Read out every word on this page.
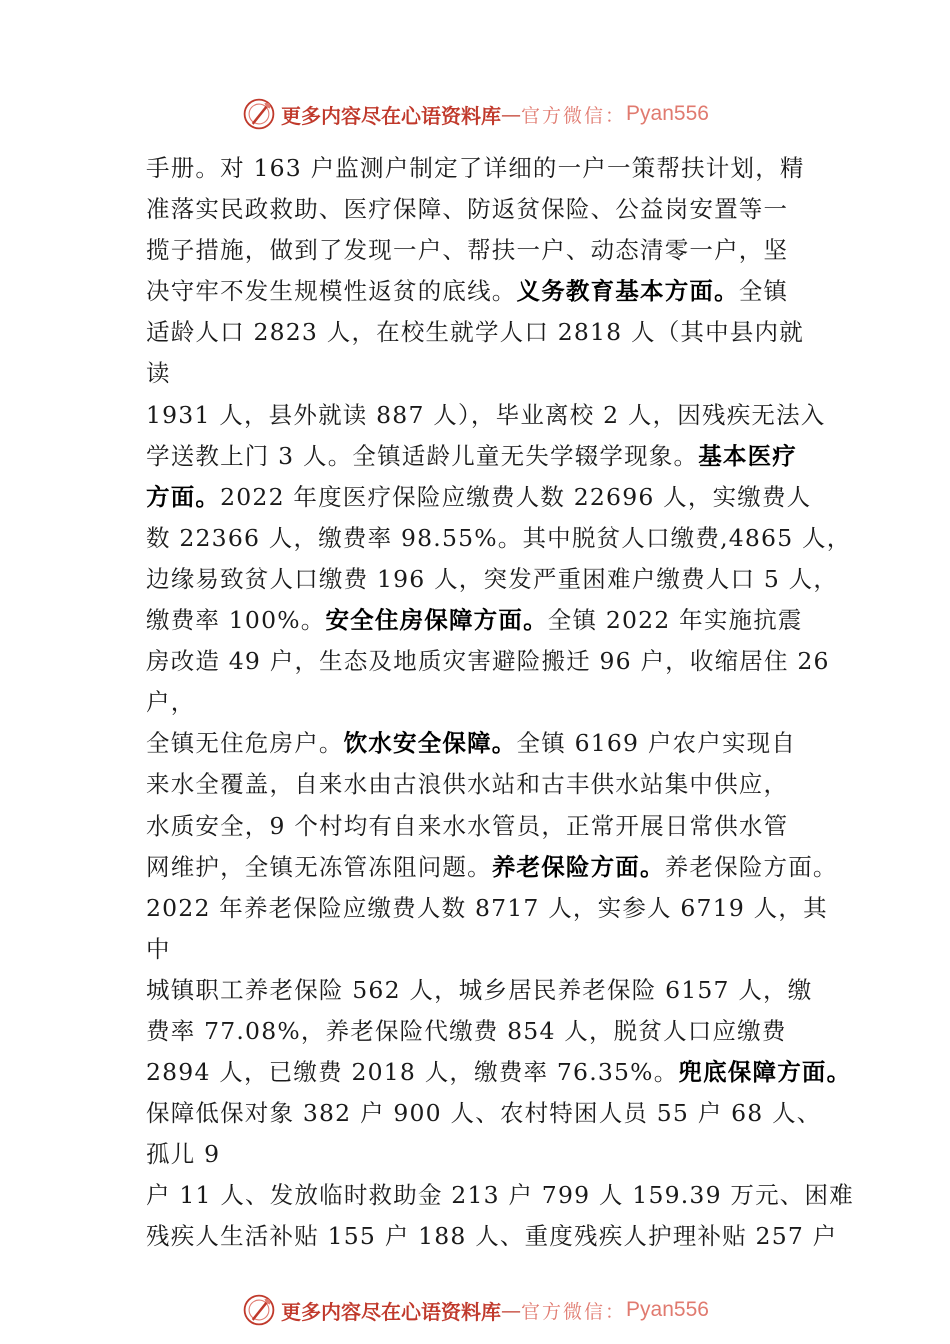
更多内容尽在心语资料库 — 官方微信： Pyan556
手册。对 163 户监测户制定了详细的一户一策帮扶计划，精
准落实民政救助、医疗保障、防返贫保险、公益岗安置等一
揽子措施，做到了发现一户、帮扶一户、动态清零一户，坚
决守牢不发生规模性返贫的底线。义务教育基本方面。全镇
适龄人口 2823 人，在校生就学人口 2818 人（其中县内就
读
1931 人，县外就读 887 人），毕业离校 2 人，因残疾无法入
学送教上门 3 人。全镇适龄儿童无失学辍学现象。基本医疗
方面。2022 年度医疗保险应缴费人数 22696 人，实缴费人
数 22366 人，缴费率 98.55%。其中脱贫人口缴费,4865 人，
边缘易致贫人口缴费 196 人，突发严重困难户缴费人口 5 人，
缴费率 100%。安全住房保障方面。全镇 2022 年实施抗震
房改造 49 户，生态及地质灾害避险搬迁 96 户，收缩居住 26
户，
全镇无住危房户。饮水安全保障。全镇 6169 户农户实现自
来水全覆盖，自来水由古浪供水站和古丰供水站集中供应，
水质安全，9 个村均有自来水水管员，正常开展日常供水管
网维护，全镇无冻管冻阻问题。养老保险方面。养老保险方面。
2022 年养老保险应缴费人数 8717 人，实参人 6719 人，其
中
城镇职工养老保险 562 人，城乡居民养老保险 6157 人，缴
费率 77.08%，养老保险代缴费 854 人，脱贫人口应缴费
2894 人，已缴费 2018 人，缴费率 76.35%。兜底保障方面。
保障低保对象 382 户 900 人、农村特困人员 55 户 68 人、
孤儿 9
户 11 人、发放临时救助金 213 户 799 人 159.39 万元、困难
残疾人生活补贴 155 户 188 人、重度残疾人护理补贴 257 户
更多内容尽在心语资料库 — 官方微信： Pyan556
